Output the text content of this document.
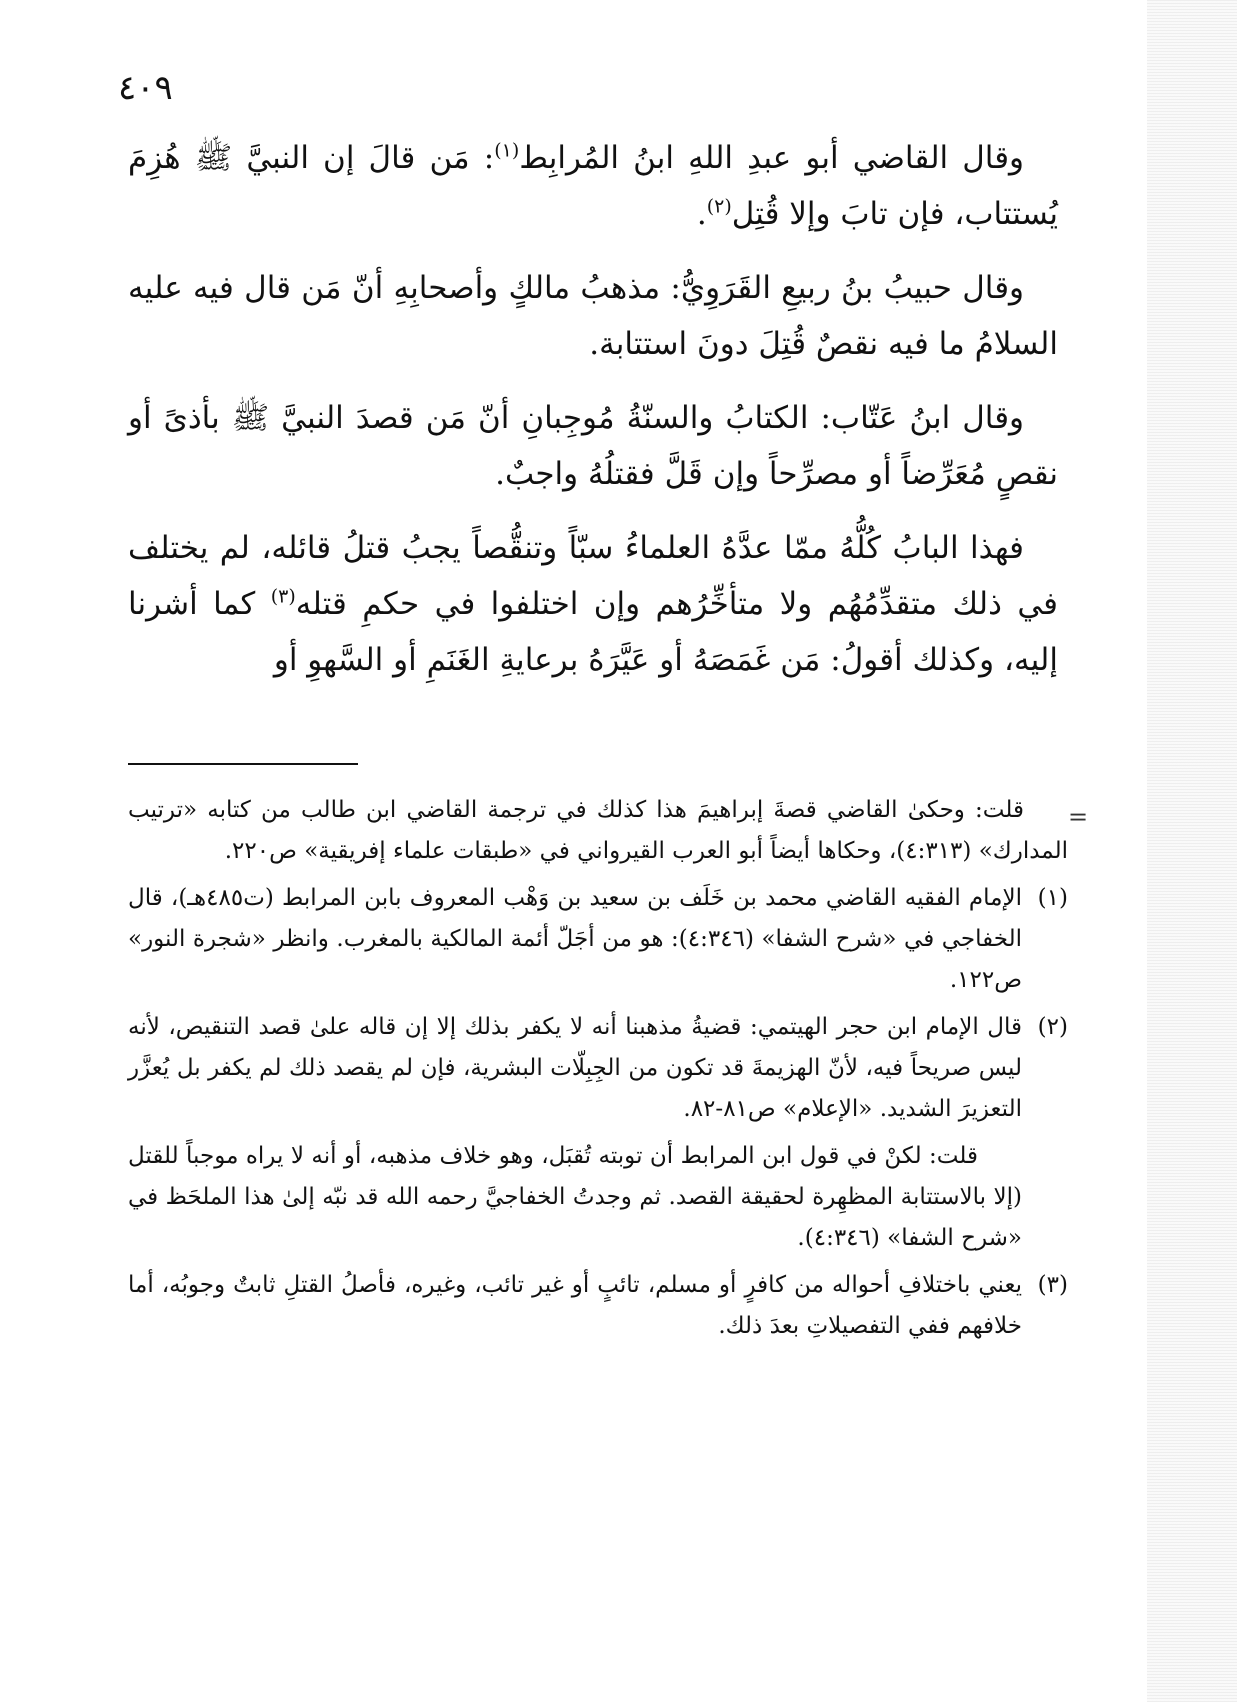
٤٠٩

وقال القاضي أبو عبدِ اللهِ ابنُ المُرابِط$^{(١)}$: مَن قالَ إن النبيَّ ﷺ هُزِمَ يُستتاب، فإن تابَ وإلا قُتِل$^{(٢)}$.

وقال حبيبُ بنُ ربيعِ القَرَوِيُّ: مذهبُ مالكٍ وأصحابِهِ أنّ مَن قال فيه عليه السلامُ ما فيه نقصٌ قُتِلَ دونَ استتابة.

وقال ابنُ عَتّاب: الكتابُ والسنّةُ مُوجِبانِ أنّ مَن قصدَ النبيَّ ﷺ بأذىً أو نقصٍ مُعَرِّضاً أو مصرِّحاً وإن قَلَّ فقتلُهُ واجبٌ.

فهذا البابُ كُلُّهُ ممّا عدَّهُ العلماءُ سبّاً وتنقُّصاً يجبُ قتلُ قائله، لم يختلف في ذلك متقدِّمُهُم ولا متأخِّرُهم وإن اختلفوا في حكمِ قتله$^{(٣)}$ كما أشرنا إليه، وكذلك أقولُ: مَن غَمَصَهُ أو عَيَّرَهُ برعايةِ الغَنَمِ أو السَّهوِ أو

=
قلت: وحكىٰ القاضي قصةَ إبراهيمَ هذا كذلك في ترجمة القاضي ابن طالب من كتابه «ترتيب المدارك» (٤:٣١٣)، وحكاها أيضاً أبو العرب القيرواني في «طبقات علماء إفريقية» ص٢٢٠.
(١)
الإمام الفقيه القاضي محمد بن خَلَف بن سعيد بن وَهْب المعروف بابن المرابط (ت٤٨٥هـ)، قال الخفاجي في «شرح الشفا» (٤:٣٤٦): هو من أجَلّ أئمة المالكية بالمغرب. وانظر «شجرة النور» ص١٢٢.
(٢)
قال الإمام ابن حجر الهيتمي: قضيةُ مذهبنا أنه لا يكفر بذلك إلا إن قاله علىٰ قصد التنقيص، لأنه ليس صريحاً فيه، لأنّ الهزيمةَ قد تكون من الجِبِلّات البشرية، فإن لم يقصد ذلك لم يكفر بل يُعزَّر التعزيرَ الشديد. «الإعلام» ص٨١-٨٢.
قلت: لكنْ في قول ابن المرابط أن توبته تُقبَل، وهو خلاف مذهبه، أو أنه لا يراه موجباً للقتل (إلا بالاستتابة المظهِرة لحقيقة القصد. ثم وجدتُ الخفاجيَّ رحمه الله قد نبّه إلىٰ هذا الملحَظ في «شرح الشفا» (٤:٣٤٦).
(٣)
يعني باختلافِ أحواله من كافرٍ أو مسلم، تائبٍ أو غير تائب، وغيره، فأصلُ القتلِ ثابتٌ وجوبُه، أما خلافهم ففي التفصيلاتِ بعدَ ذلك.
